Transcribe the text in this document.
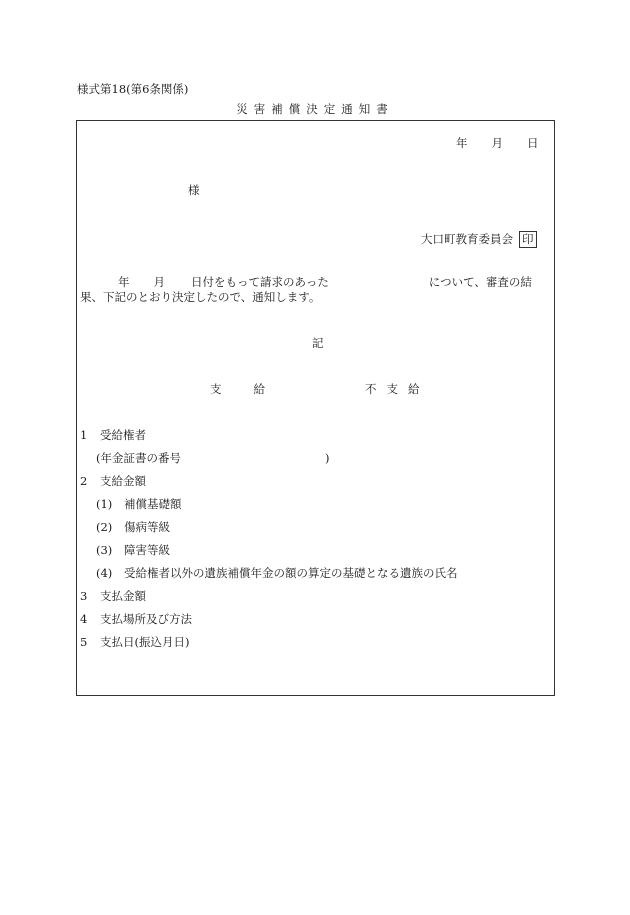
様式第18(第6条関係)
災害補償決定通知書
年 月 日
様
大口町教育委員会 印
年 月 日付をもって請求のあった	について、審査の結
果、下記のとおり決定したので、通知します。
記
支給	不支給
1 受給権者
(年金証書の番号	)
2 支給金額
(1) 補償基礎額
(2) 傷病等級
(3) 障害等級
(4) 受給権者以外の遺族補償年金の額の算定の基礎となる遺族の氏名
3 支払金額
4 支払場所及び方法
5 支払日(振込月日)
